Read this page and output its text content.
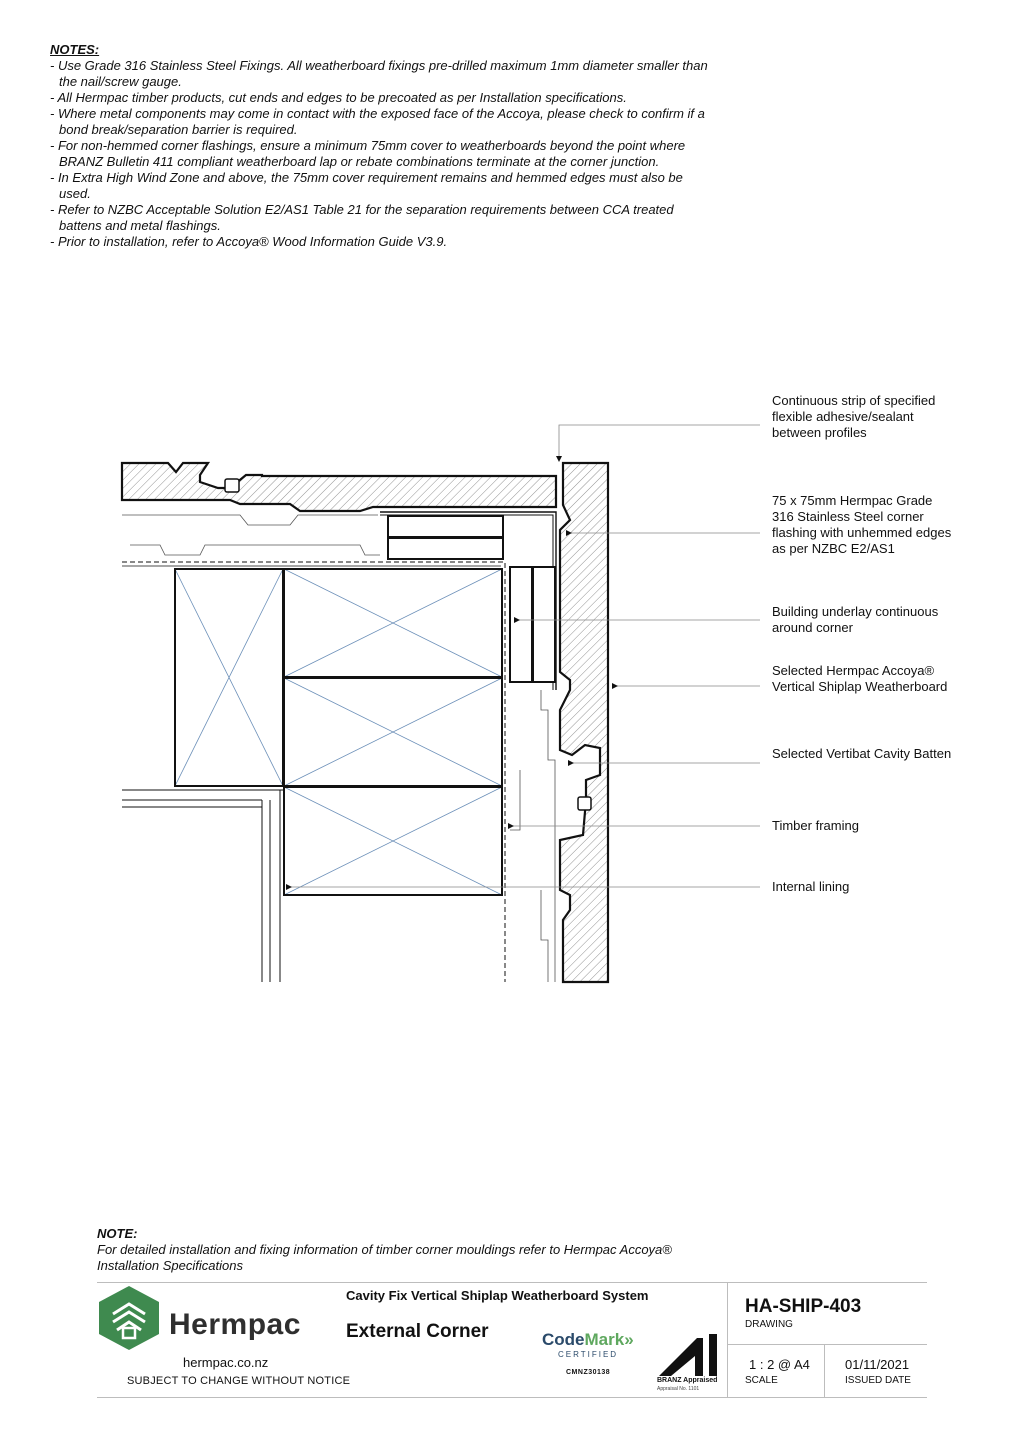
NOTES:
- Use Grade 316 Stainless Steel Fixings. All weatherboard fixings pre-drilled maximum 1mm diameter smaller than the nail/screw gauge.
- All Hermpac timber products, cut ends and edges to be precoated as per Installation specifications.
- Where metal components may come in contact with the exposed face of the Accoya, please check to confirm if a bond break/separation barrier is required.
- For non-hemmed corner flashings, ensure a minimum 75mm cover to weatherboards beyond the point where BRANZ Bulletin 411 compliant weatherboard lap or rebate combinations terminate at the corner junction.
- In Extra High Wind Zone and above, the 75mm cover requirement remains and hemmed edges must also be used.
- Refer to NZBC Acceptable Solution E2/AS1 Table 21 for the separation requirements between CCA treated battens and metal flashings.
- Prior to installation, refer to Accoya® Wood Information Guide V3.9.
Continuous strip of specified flexible adhesive/sealant between profiles
75 x 75mm Hermpac Grade 316 Stainless Steel corner flashing with unhemmed edges as per NZBC E2/AS1
Building underlay continuous around corner
Selected Hermpac Accoya® Vertical Shiplap Weatherboard
Selected Vertibat Cavity Batten
Timber framing
Internal lining
NOTE:
For detailed installation and fixing information of timber corner mouldings refer to Hermpac Accoya® Installation Specifications
Hermpac
hermpac.co.nz
SUBJECT TO CHANGE WITHOUT NOTICE
Cavity Fix Vertical Shiplap Weatherboard System
External Corner	CodeMark»
CERTIFIED
CMNZ30138
BRANZ Appraised
Appraisal No. 1101
HA-SHIP-403
DRAWING
1 : 2 @ A4
SCALE
01/11/2021
ISSUED DATE
